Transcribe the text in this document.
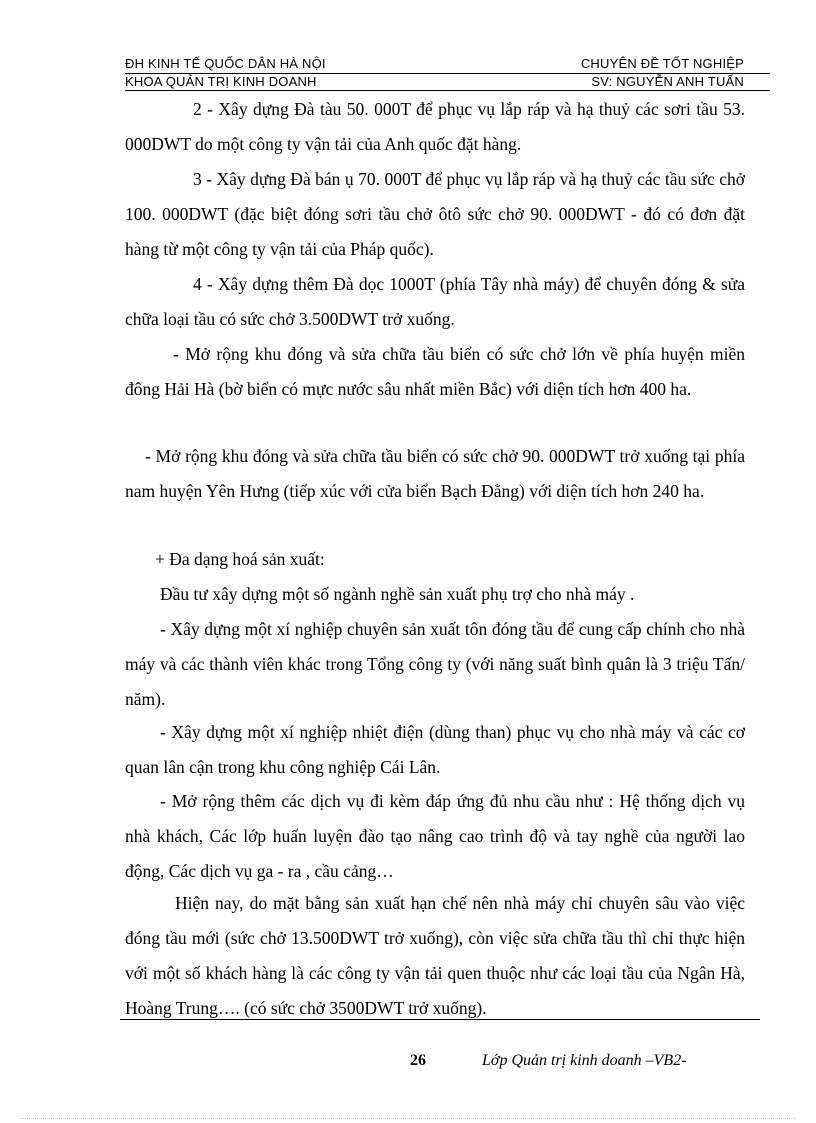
ĐH KINH TẾ QUỐC DÂN HÀ NỘI	CHUYÊN ĐỀ TỐT NGHIỆP
KHOA QUẢN TRỊ KINH DOANH	SV: NGUYỄN ANH TUẤN

2 - Xây dựng Đà tàu 50. 000T để phục vụ lắp ráp và hạ thuỷ các sơri tầu 53. 000DWT do một công ty vận tải của Anh quốc đặt hàng.

3 - Xây dựng Đà bán ụ 70. 000T để phục vụ lắp ráp và hạ thuỷ các tầu sức chở 100. 000DWT (đặc biệt đóng sơri tầu chở ôtô sức chở 90. 000DWT - đó có đơn đặt hàng từ một công ty vận tải của Pháp quốc).

4 - Xây dựng thêm Đà dọc 1000T (phía Tây nhà máy) để chuyên đóng & sửa chữa loại tầu có sức chở 3.500DWT trở xuống.

- Mở rộng khu đóng và sửa chữa tầu biển có sức chở lớn về phía huyện miền đông Hải Hà (bờ biển có mực nước sâu nhất miền Bắc) với diện tích hơn 400 ha.

- Mở rộng khu đóng và sửa chữa tầu biển có sức chở 90. 000DWT trở xuống tại phía nam huyện Yên Hưng (tiếp xúc với cửa biển Bạch Đằng) với diện tích hơn 240 ha.

+ Đa dạng hoá sản xuất:

Đầu tư xây dựng một số ngành nghề sản xuất phụ trợ cho nhà máy .

- Xây dựng một xí nghiệp chuyên sản xuất tôn đóng tầu để cung cấp chính cho nhà máy và các thành viên khác trong Tổng công ty (với năng suất bình quân là 3 triệu Tấn/ năm).

- Xây dựng một xí nghiệp nhiệt điện (dùng than) phục vụ cho nhà máy và các cơ quan lân cận trong khu công nghiệp Cái Lân.

- Mở rộng thêm các dịch vụ đi kèm đáp ứng đủ nhu cầu như : Hệ thống dịch vụ nhà khách, Các lớp huấn luyện đào tạo nâng cao trình độ và tay nghề của người lao động, Các dịch vụ ga - ra , cầu cảng…

Hiện nay, do mặt bằng sản xuất hạn chế nên nhà máy chỉ chuyên sâu vào việc đóng tầu mới (sức chở 13.500DWT trở xuống), còn việc sửa chữa tầu thì chỉ thực hiện với một số khách hàng là các công ty vận tải quen thuộc như các loại tầu của Ngân Hà, Hoàng Trung…. (có sức chở 3500DWT trở xuống).

26	Lớp Quản trị kinh doanh –VB2-
